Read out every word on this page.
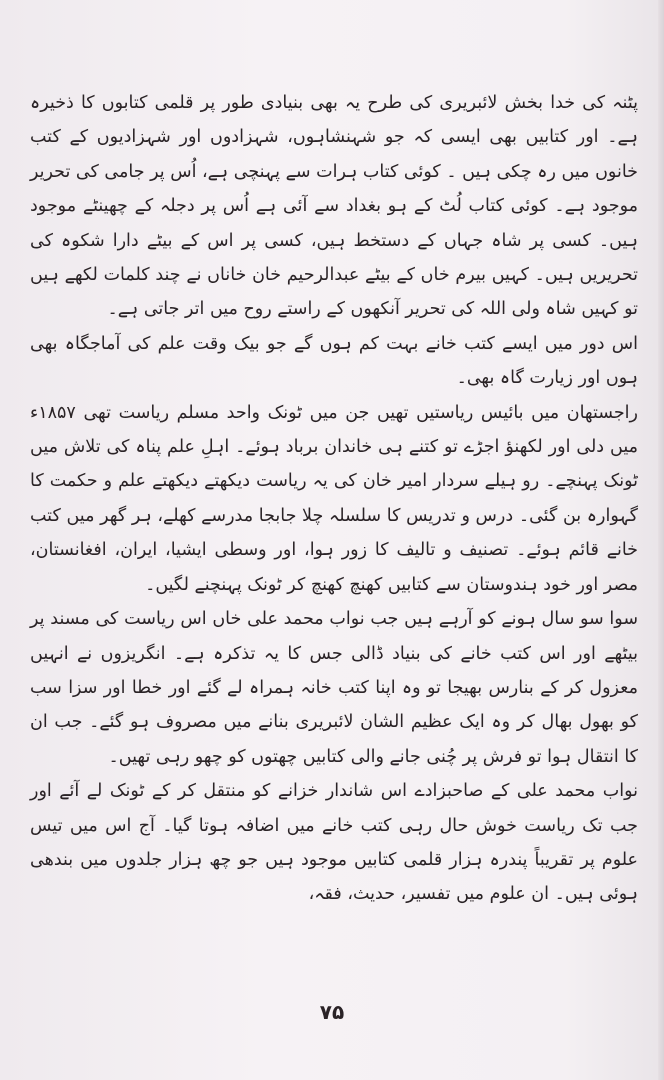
پٹنہ کی خدا بخش لائبریری کی طرح یہ بھی بنیادی طور پر قلمی کتابوں کا ذخیرہ ہے۔ اور کتابیں بھی ایسی کہ جو شہنشاہوں، شہزادوں اور شہزادیوں کے کتب خانوں میں رہ چکی ہیں ۔ کوئی کتاب ہرات سے پہنچی ہے، اُس پر جامی کی تحریر موجود ہے۔ کوئی کتاب لُٹ کے ہو بغداد سے آئی ہے اُس پر دجلہ کے چھینٹے موجود ہیں۔ کسی پر شاہ جہاں کے دستخط ہیں، کسی پر اس کے بیٹے دارا شکوہ کی تحریریں ہیں۔ کہیں بیرم خاں کے بیٹے عبدالرحیم خان خاناں نے چند کلمات لکھے ہیں تو کہیں شاہ ولی اللہ کی تحریر آنکھوں کے راستے روح میں اتر جاتی ہے۔

اس دور میں ایسے کتب خانے بہت کم ہوں گے جو بیک وقت علم کی آماجگاہ بھی ہوں اور زیارت گاہ بھی۔

راجستھان میں بائیس ریاستیں تھیں جن میں ٹونک واحد مسلم ریاست تھی ۱۸۵۷ء میں دلی اور لکھنؤ اجڑے تو کتنے ہی خاندان برباد ہوئے۔ اہلِ علم پناہ کی تلاش میں ٹونک پہنچے۔ رو ہیلے سردار امیر خان کی یہ ریاست دیکھتے دیکھتے علم و حکمت کا گہوارہ بن گئی۔ درس و تدریس کا سلسلہ چلا جابجا مدرسے کھلے، ہر گھر میں کتب خانے قائم ہوئے۔ تصنیف و تالیف کا زور ہوا، اور وسطی ایشیا، ایران، افغانستان، مصر اور خود ہندوستان سے کتابیں کھنچ کھنچ کر ٹونک پہنچنے لگیں۔

سوا سو سال ہونے کو آرہے ہیں جب نواب محمد علی خاں اس ریاست کی مسند پر بیٹھے اور اس کتب خانے کی بنیاد ڈالی جس کا یہ تذکرہ ہے۔ انگریزوں نے انہیں معزول کر کے بنارس بھیجا تو وہ اپنا کتب خانہ ہمراہ لے گئے اور خطا اور سزا سب کو بھول بھال کر وہ ایک عظیم الشان لائبریری بنانے میں مصروف ہو گئے۔ جب ان کا انتقال ہوا تو فرش پر چُنی جانے والی کتابیں چھتوں کو چھو رہی تھیں۔

نواب محمد علی کے صاحبزادے اس شاندار خزانے کو منتقل کر کے ٹونک لے آئے اور جب تک ریاست خوش حال رہی کتب خانے میں اضافہ ہوتا گیا۔ آج اس میں تیس علوم پر تقریباً پندرہ ہزار قلمی کتابیں موجود ہیں جو چھ ہزار جلدوں میں بندھی ہوئی ہیں۔ ان علوم میں تفسیر، حدیث، فقہ،

۷۵
